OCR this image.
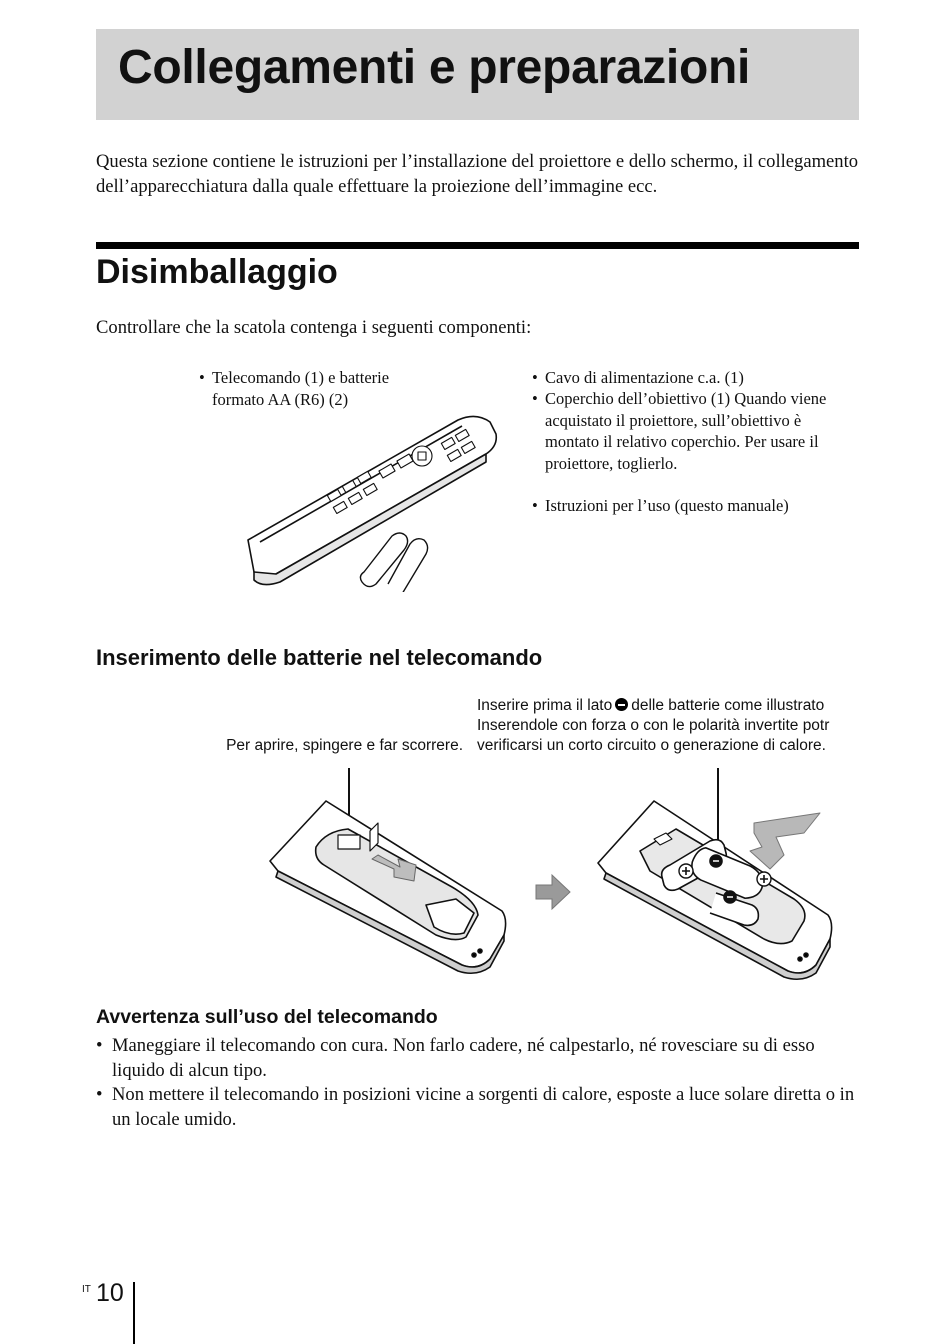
Collegamenti e preparazioni
Questa sezione contiene le istruzioni per l’installazione del proiettore e dello schermo, il collegamento dell’apparecchiatura dalla quale effettuare la proiezione dell’immagine ecc.
Disimballaggio
Controllare che la scatola contenga i seguenti componenti:
• Telecomando (1) e batterie formato AA (R6) (2)
• Cavo di alimentazione c.a. (1)
• Coperchio dell’obiettivo (1) Quando viene acquistato il proiettore, sull’obiettivo è montato il relativo coperchio. Per usare il proiettore, toglierlo.
• Istruzioni per l’uso (questo manuale)
Inserimento delle batterie nel telecomando
Per aprire, spingere e far scorrere.
Inserire prima il lato delle batterie come illustrato
Inserendole con forza o con le polarità invertite potr
verificarsi un corto circuito o generazione di calore.
Avvertenza sull’uso del telecomando
• Maneggiare il telecomando con cura. Non farlo cadere, né calpestarlo, né rovesciare su di esso liquido di alcun tipo.
• Non mettere il telecomando in posizioni vicine a sorgenti di calore, esposte a luce solare diretta o in un locale umido.
IT 10
